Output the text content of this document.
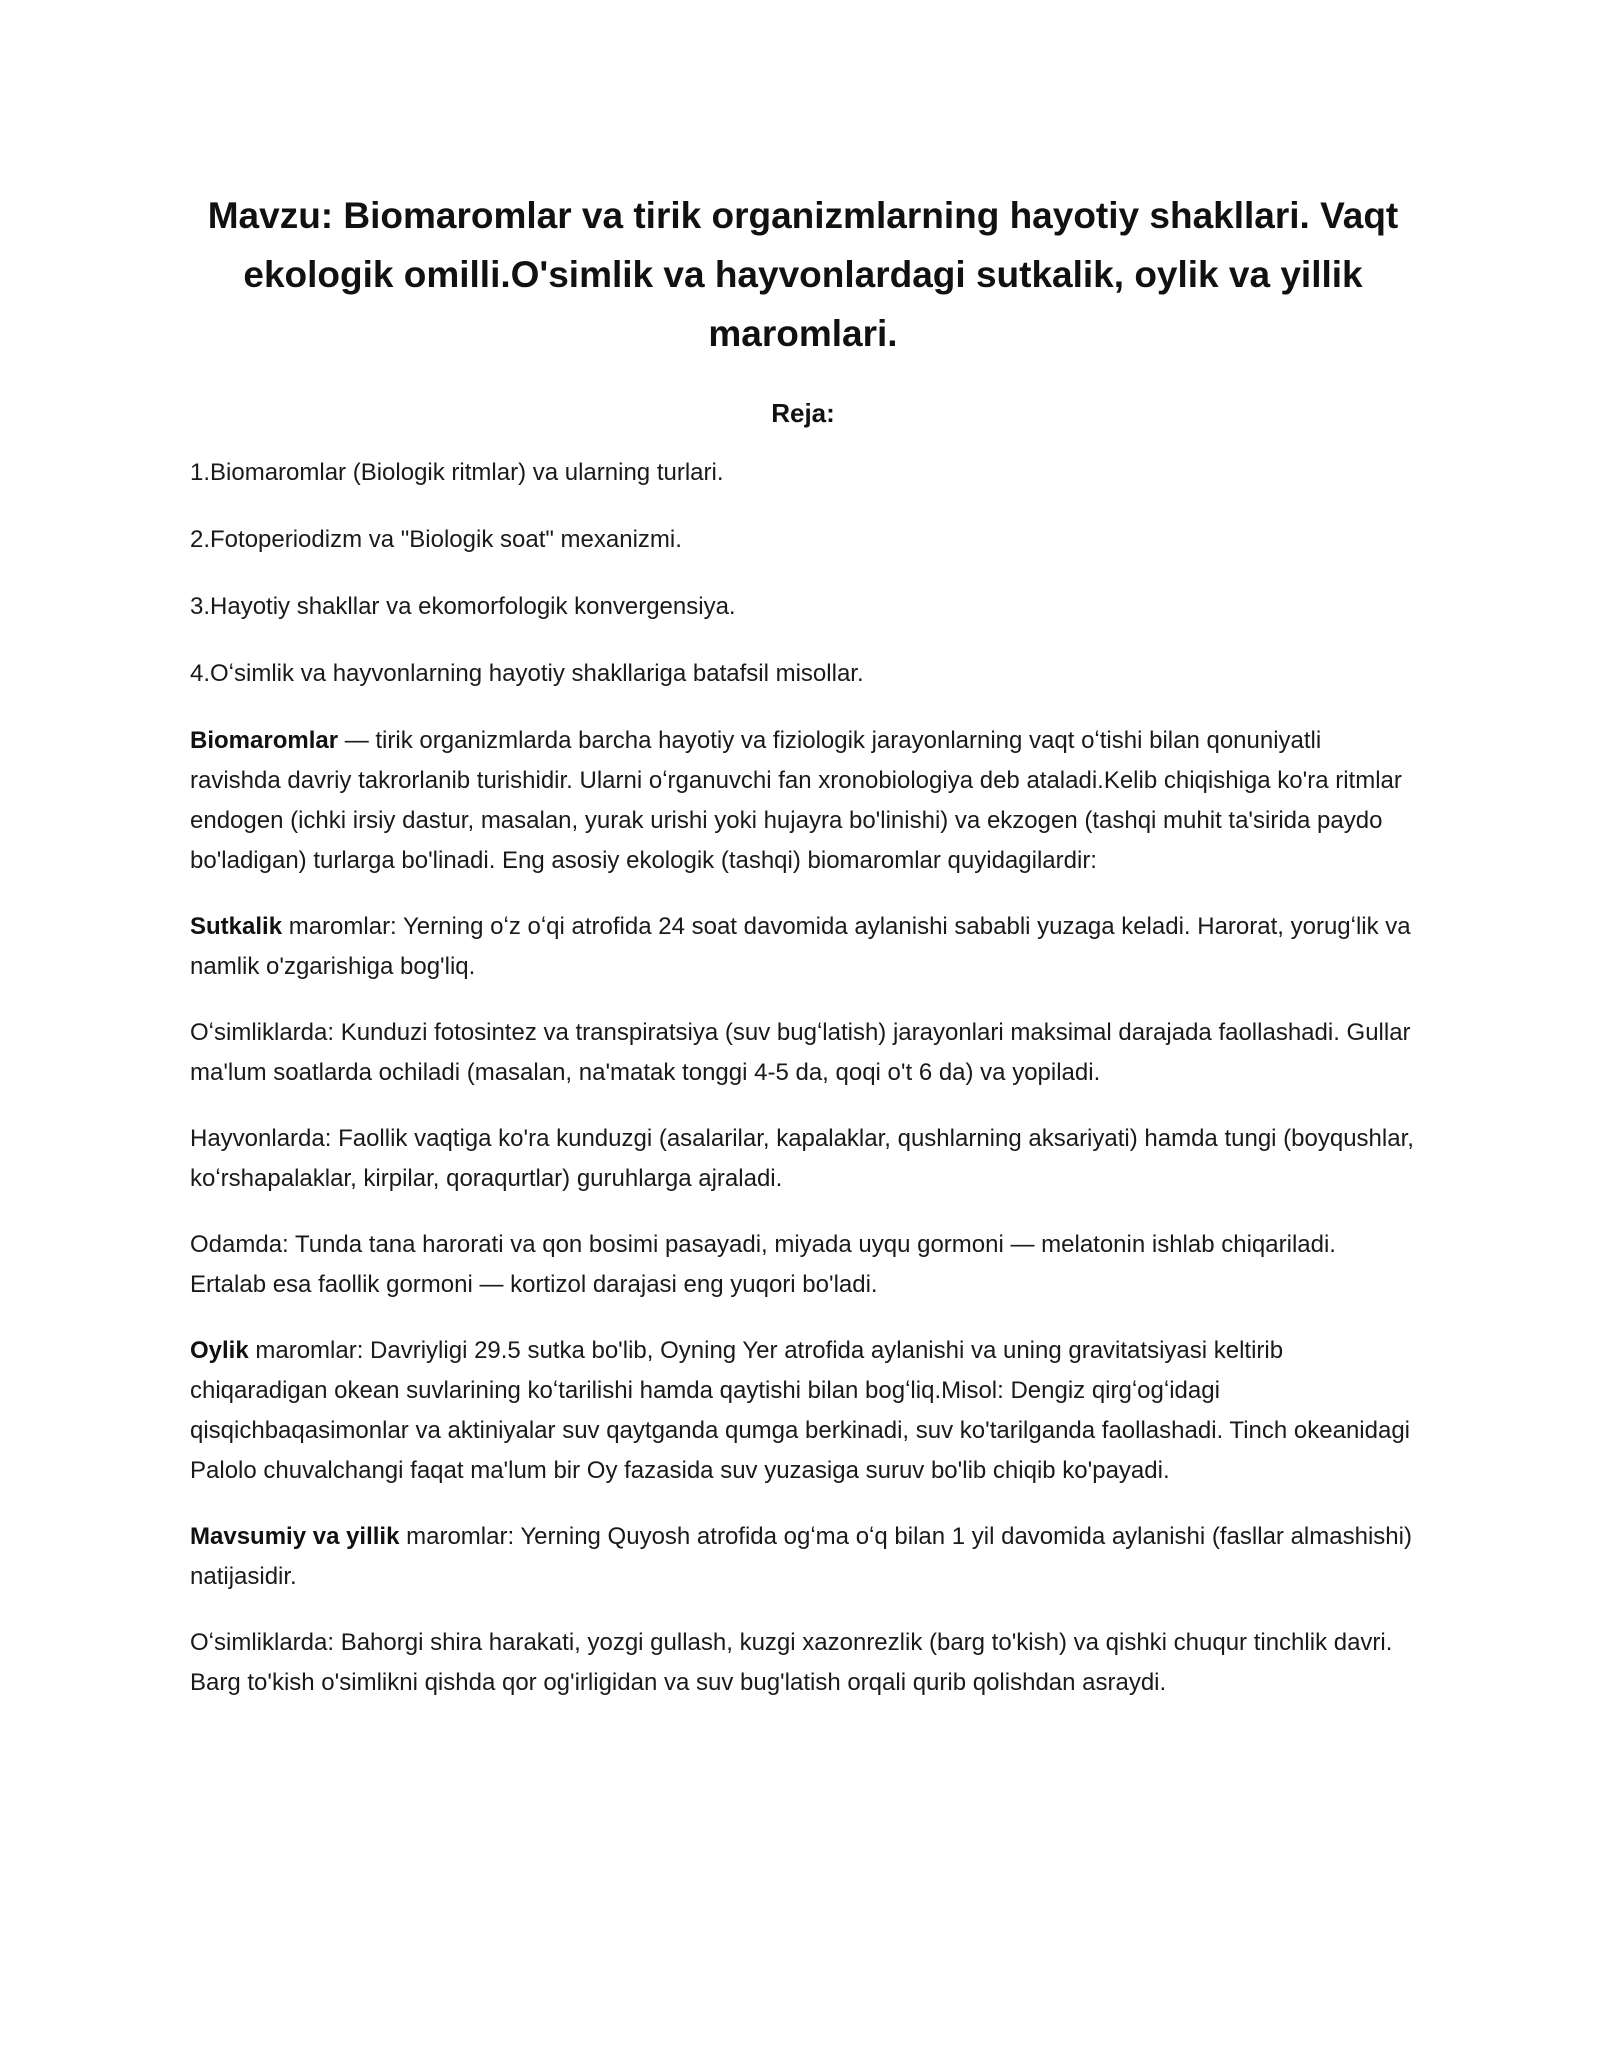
Mavzu: Biomaromlar va tirik organizmlarning hayotiy shakllari. Vaqt ekologik omilli.O'simlik va hayvonlardagi sutkalik, oylik va yillik maromlari.
Reja:
1.Biomaromlar (Biologik ritmlar) va ularning turlari.
2.Fotoperiodizm va "Biologik soat" mexanizmi.
3.Hayotiy shakllar va ekomorfologik konvergensiya.
4.Oʻsimlik va hayvonlarning hayotiy shakllariga batafsil misollar.

Biomaromlar — tirik organizmlarda barcha hayotiy va fiziologik jarayonlarning vaqt oʻtishi bilan qonuniyatli ravishda davriy takrorlanib turishidir. Ularni oʻrganuvchi fan xronobiologiya deb ataladi.Kelib chiqishiga ko'ra ritmlar endogen (ichki irsiy dastur, masalan, yurak urishi yoki hujayra bo'linishi) va ekzogen (tashqi muhit ta'sirida paydo bo'ladigan) turlarga bo'linadi. Eng asosiy ekologik (tashqi) biomaromlar quyidagilardir:

Sutkalik maromlar: Yerning oʻz oʻqi atrofida 24 soat davomida aylanishi sababli yuzaga keladi. Harorat, yorugʻlik va namlik o'zgarishiga bog'liq.

Oʻsimliklarda: Kunduzi fotosintez va transpiratsiya (suv bugʻlatish) jarayonlari maksimal darajada faollashadi. Gullar ma'lum soatlarda ochiladi (masalan, na'matak tonggi 4-5 da, qoqi o't 6 da) va yopiladi.

Hayvonlarda: Faollik vaqtiga ko'ra kunduzgi (asalarilar, kapalaklar, qushlarning aksariyati) hamda tungi (boyqushlar, koʻrshapalaklar, kirpilar, qoraqurtlar) guruhlarga ajraladi.

Odamda: Tunda tana harorati va qon bosimi pasayadi, miyada uyqu gormoni — melatonin ishlab chiqariladi. Ertalab esa faollik gormoni — kortizol darajasi eng yuqori bo'ladi.

Oylik maromlar: Davriyligi 29.5 sutka bo'lib, Oyning Yer atrofida aylanishi va uning gravitatsiyasi keltirib chiqaradigan okean suvlarining koʻtarilishi hamda qaytishi bilan bogʻliq.Misol: Dengiz qirgʻogʻidagi qisqichbaqasimonlar va aktiniyalar suv qaytganda qumga berkinadi, suv ko'tarilganda faollashadi. Tinch okeanidagi Palolo chuvalchangi faqat ma'lum bir Oy fazasida suv yuzasiga suruv bo'lib chiqib ko'payadi.

Mavsumiy va yillik maromlar: Yerning Quyosh atrofida ogʻma oʻq bilan 1 yil davomida aylanishi (fasllar almashishi) natijasidir.

Oʻsimliklarda: Bahorgi shira harakati, yozgi gullash, kuzgi xazonrezlik (barg to'kish) va qishki chuqur tinchlik davri. Barg to'kish o'simlikni qishda qor og'irligidan va suv bug'latish orqali qurib qolishdan asraydi.
